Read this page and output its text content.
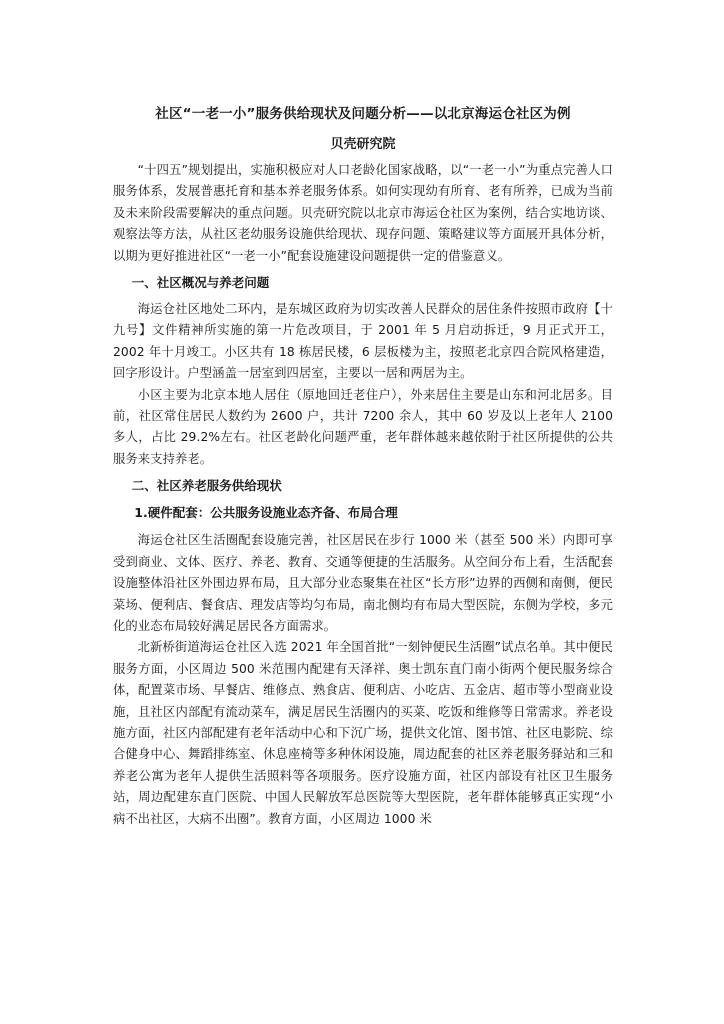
社区“一老一小”服务供给现状及问题分析——以北京海运仓社区为例

贝壳研究院

“十四五”规划提出，实施积极应对人口老龄化国家战略，以“一老一小”为重点完善人口服务体系，发展普惠托育和基本养老服务体系。如何实现幼有所育、老有所养，已成为当前及未来阶段需要解决的重点问题。贝壳研究院以北京市海运仓社区为案例，结合实地访谈、观察法等方法，从社区老幼服务设施供给现状、现存问题、策略建议等方面展开具体分析，以期为更好推进社区“一老一小”配套设施建设问题提供一定的借鉴意义。

一、社区概况与养老问题

海运仓社区地处二环内，是东城区政府为切实改善人民群众的居住条件按照市政府【十九号】文件精神所实施的第一片危改项目，于 2001 年 5 月启动拆迁，9 月正式开工，2002 年十月竣工。小区共有 18 栋居民楼，6 层板楼为主，按照老北京四合院风格建造，回字形设计。户型涵盖一居室到四居室，主要以一居和两居为主。

小区主要为北京本地人居住（原地回迁老住户），外来居住主要是山东和河北居多。目前，社区常住居民人数约为 2600 户，共计 7200 余人，其中 60 岁及以上老年人 2100 多人，占比 29.2%左右。社区老龄化问题严重，老年群体越来越依附于社区所提供的公共服务来支持养老。

二、社区养老服务供给现状

1.硬件配套：公共服务设施业态齐备、布局合理

海运仓社区生活圈配套设施完善，社区居民在步行 1000 米（甚至 500 米）内即可享受到商业、文体、医疗、养老、教育、交通等便捷的生活服务。从空间分布上看，生活配套设施整体沿社区外围边界布局，且大部分业态聚集在社区“长方形”边界的西侧和南侧，便民菜场、便利店、餐食店、理发店等均匀布局，南北侧均有布局大型医院，东侧为学校，多元化的业态布局较好满足居民各方面需求。

北新桥街道海运仓社区入选 2021 年全国首批“一刻钟便民生活圈”试点名单。其中便民服务方面，小区周边 500 米范围内配建有天泽祥、奥士凯东直门南小街两个便民服务综合体，配置菜市场、早餐店、维修点、熟食店、便利店、小吃店、五金店、超市等小型商业设施，且社区内部配有流动菜车，满足居民生活圈内的买菜、吃饭和维修等日常需求。养老设施方面，社区内部配建有老年活动中心和下沉广场，提供文化馆、图书馆、社区电影院、综合健身中心、舞蹈排练室、休息座椅等多种休闲设施，周边配套的社区养老服务驿站和三和养老公寓为老年人提供生活照料等各项服务。医疗设施方面，社区内部设有社区卫生服务站，周边配建东直门医院、中国人民解放军总医院等大型医院，老年群体能够真正实现“小病不出社区，大病不出圈”。教育方面，小区周边 1000 米
